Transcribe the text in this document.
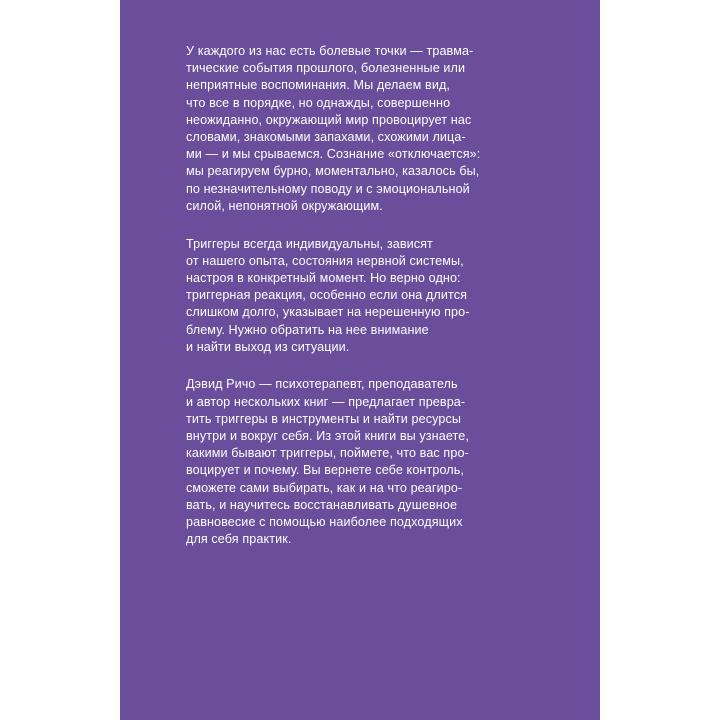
У каждого из нас есть болевые точки — травма-
тические события прошлого, болезненные или
неприятные воспоминания. Мы делаем вид,
что все в порядке, но однажды, совершенно
неожиданно, окружающий мир провоцирует нас
словами, знакомыми запахами, схожими лица-
ми — и мы срываемся. Сознание «отключается»:
мы реагируем бурно, моментально, казалось бы,
по незначительному поводу и с эмоциональной
силой, непонятной окружающим.

Триггеры всегда индивидуальны, зависят
от нашего опыта, состояния нервной системы,
настроя в конкретный момент. Но верно одно:
триггерная реакция, особенно если она длится
слишком долго, указывает на нерешенную про-
блему. Нужно обратить на нее внимание
и найти выход из ситуации.

Дэвид Ричо — психотерапевт, преподаватель
и автор нескольких книг — предлагает превра-
тить триггеры в инструменты и найти ресурсы
внутри и вокруг себя. Из этой книги вы узнаете,
какими бывают триггеры, поймете, что вас про-
воцирует и почему. Вы вернете себе контроль,
сможете сами выбирать, как и на что реагиро-
вать, и научитесь восстанавливать душевное
равновесие с помощью наиболее подходящих
для себя практик.
